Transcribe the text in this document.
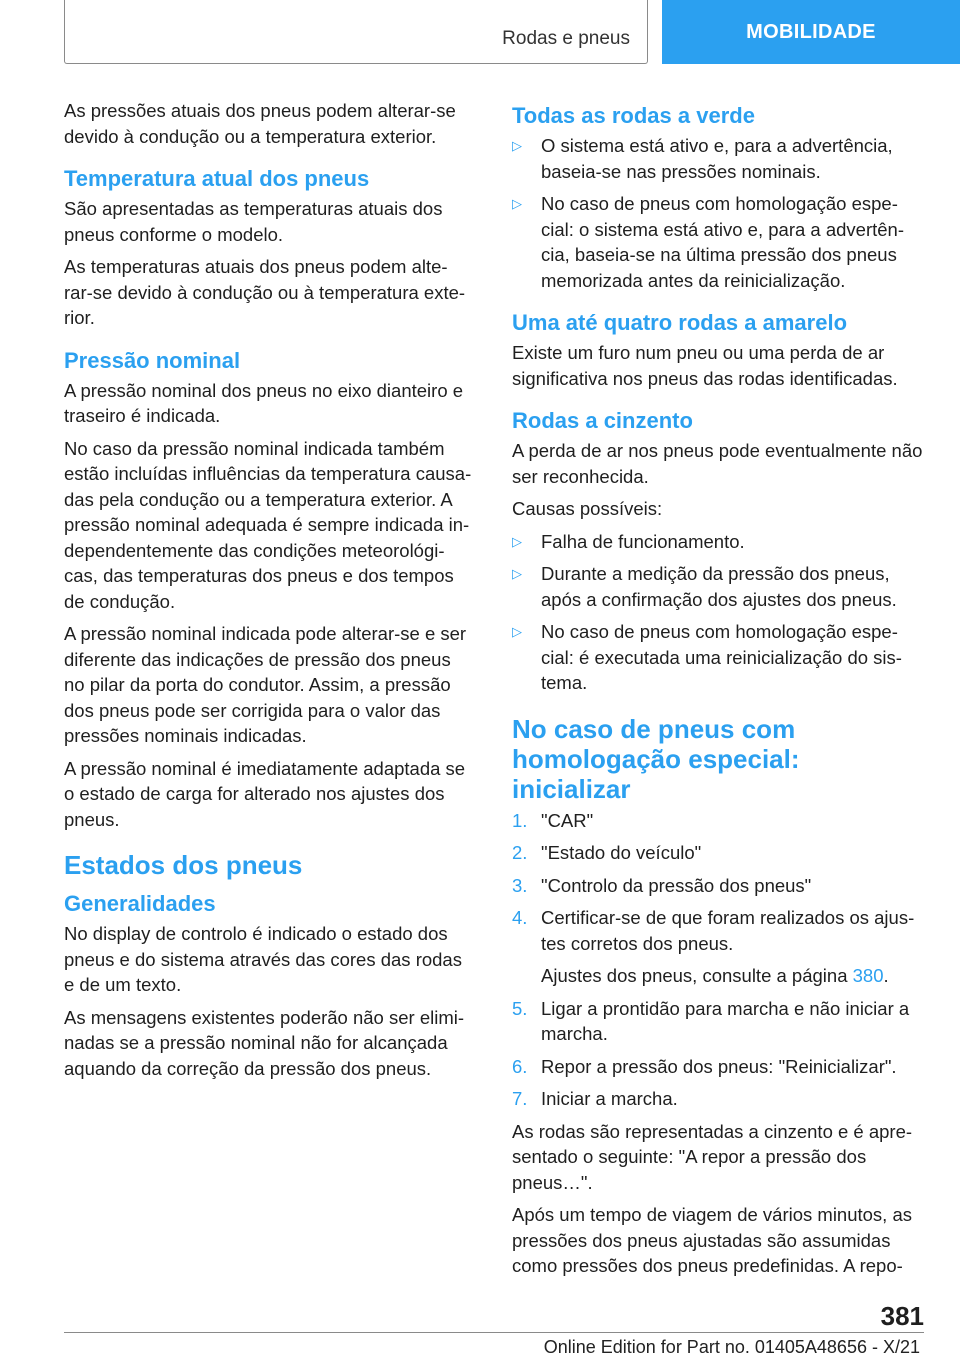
Rodas e pneus	MOBILIDADE

As pressões atuais dos pneus podem alterar-se devido à condução ou a temperatura exterior.

Temperatura atual dos pneus

São apresentadas as temperaturas atuais dos pneus conforme o modelo.

As temperaturas atuais dos pneus podem alte-rar-se devido à condução ou à temperatura exte-rior.

Pressão nominal

A pressão nominal dos pneus no eixo dianteiro e traseiro é indicada.

No caso da pressão nominal indicada também estão incluídas influências da temperatura causa-das pela condução ou a temperatura exterior. A pressão nominal adequada é sempre indicada in-dependentemente das condições meteorológi-cas, das temperaturas dos pneus e dos tempos de condução.

A pressão nominal indicada pode alterar-se e ser diferente das indicações de pressão dos pneus no pilar da porta do condutor. Assim, a pressão dos pneus pode ser corrigida para o valor das pressões nominais indicadas.

A pressão nominal é imediatamente adaptada se o estado de carga for alterado nos ajustes dos pneus.

Estados dos pneus
Generalidades

No display de controlo é indicado o estado dos pneus e do sistema através das cores das rodas e de um texto.

As mensagens existentes poderão não ser elimi-nadas se a pressão nominal não for alcançada aquando da correção da pressão dos pneus.

Todas as rodas a verde
▷ O sistema está ativo e, para a advertência, baseia-se nas pressões nominais.
▷ No caso de pneus com homologação espe-cial: o sistema está ativo e, para a advertên-cia, baseia-se na última pressão dos pneus memorizada antes da reinicialização.
Uma até quatro rodas a amarelo

Existe um furo num pneu ou uma perda de ar significativa nos pneus das rodas identificadas.

Rodas a cinzento

A perda de ar nos pneus pode eventualmente não ser reconhecida.

Causas possíveis:

▷ Falha de funcionamento.
▷ Durante a medição da pressão dos pneus, após a confirmação dos ajustes dos pneus.
▷ No caso de pneus com homologação espe-cial: é executada uma reinicialização do sis-tema.
No caso de pneus com homologação especial: inicializar
1. "CAR"
2. "Estado do veículo"
3. "Controlo da pressão dos pneus"
4. Certificar-se de que foram realizados os ajus-tes corretos dos pneus.
Ajustes dos pneus, consulte a página 380.
5. Ligar a prontidão para marcha e não iniciar a marcha.
6. Repor a pressão dos pneus: "Reinicializar".
7. Iniciar a marcha.

As rodas são representadas a cinzento e é apre-sentado o seguinte: "A repor a pressão dos pneus…".

Após um tempo de viagem de vários minutos, as pressões dos pneus ajustadas são assumidas como pressões dos pneus predefinidas. A repo-

381
Online Edition for Part no. 01405A48656 - X/21
